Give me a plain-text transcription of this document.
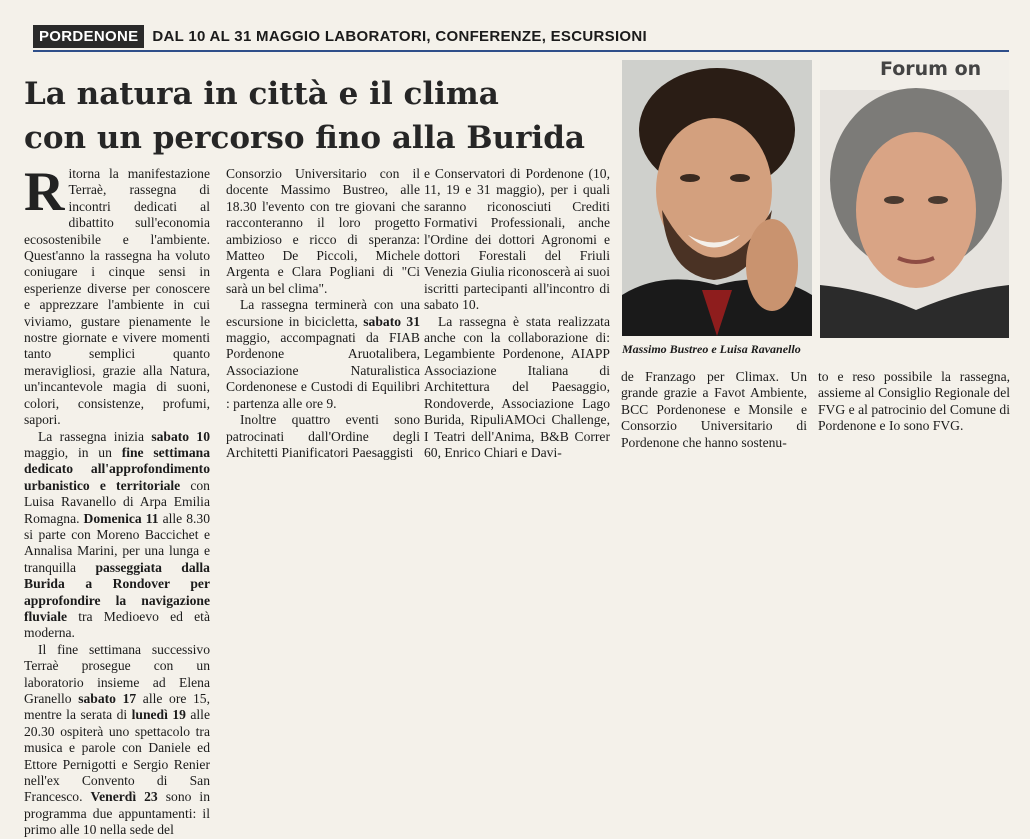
PORDENONE DAL 10 AL 31 MAGGIO LABORATORI, CONFERENZE, ESCURSIONI
La natura in città e il clima
con un percorso fino alla Burida

Ritorna la manifestazione Terraè, rassegna di incontri dedicati al dibattito sull'economia ecosostenibile e l'ambiente. Quest'anno la rassegna ha voluto coniugare i cinque sensi in esperienze diverse per conoscere e apprezzare l'ambiente in cui viviamo, gustare pienamente le nostre giornate e vivere momenti tanto semplici quanto meravigliosi, grazie alla Natura, un'incantevole magia di suoni, colori, consistenze, profumi, sapori.

La rassegna inizia sabato 10 maggio, in un fine settimana dedicato all'approfondimento urbanistico e territoriale con Luisa Ravanello di Arpa Emilia Romagna. Domenica 11 alle 8.30 si parte con Moreno Baccichet e Annalisa Marini, per una lunga e tranquilla passeggiata dalla Burida a Rondover per approfondire la navigazione fluviale tra Medioevo ed età moderna.

Il fine settimana successivo Terraè prosegue con un laboratorio insieme ad Elena Granello sabato 17 alle ore 15, mentre la serata di lunedì 19 alle 20.30 ospiterà uno spettacolo tra musica e parole con Daniele ed Ettore Pernigotti e Sergio Renier nell'ex Convento di San Francesco. Venerdì 23 sono in programma due appuntamenti: il primo alle 10 nella sede del

Consorzio Universitario con il docente Massimo Bustreo, alle 18.30 l'evento con tre giovani che racconteranno il loro progetto ambizioso e ricco di speranza: Matteo De Piccoli, Michele Argenta e Clara Pogliani di "Ci sarà un bel clima".

La rassegna terminerà con una escursione in bicicletta, sabato 31 maggio, accompagnati da FIAB Pordenone Aruotalibera, Associazione Naturalistica Cordenonese e Custodi di Equilibri : partenza alle ore 9.

Inoltre quattro eventi sono patrocinati dall'Ordine degli Architetti Pianificatori Paesaggisti

e Conservatori di Pordenone (10, 11, 19 e 31 maggio), per i quali saranno riconosciuti Crediti Formativi Professionali, anche l'Ordine dei dottori Agronomi e dottori Forestali del Friuli Venezia Giulia riconoscerà ai suoi iscritti partecipanti all'incontro di sabato 10.

La rassegna è stata realizzata anche con la collaborazione di: Legambiente Pordenone, AIAPP Associazione Italiana di Architettura del Paesaggio, Rondoverde, Associazione Lago Burida, RipuliAMOci Challenge, I Teatri dell'Anima, B&B Correr 60, Enrico Chiari e Davi-

de Franzago per Climax. Un grande grazie a Favot Ambiente, BCC Pordenonese e Monsile e Consorzio Universitario di Pordenone che hanno sostenu-

to e reso possibile la rassegna, assieme al Consiglio Regionale del FVG e al patrocinio del Comune di Pordenone e Io sono FVG.

Forum on
Massimo Bustreo e Luisa Ravanello
